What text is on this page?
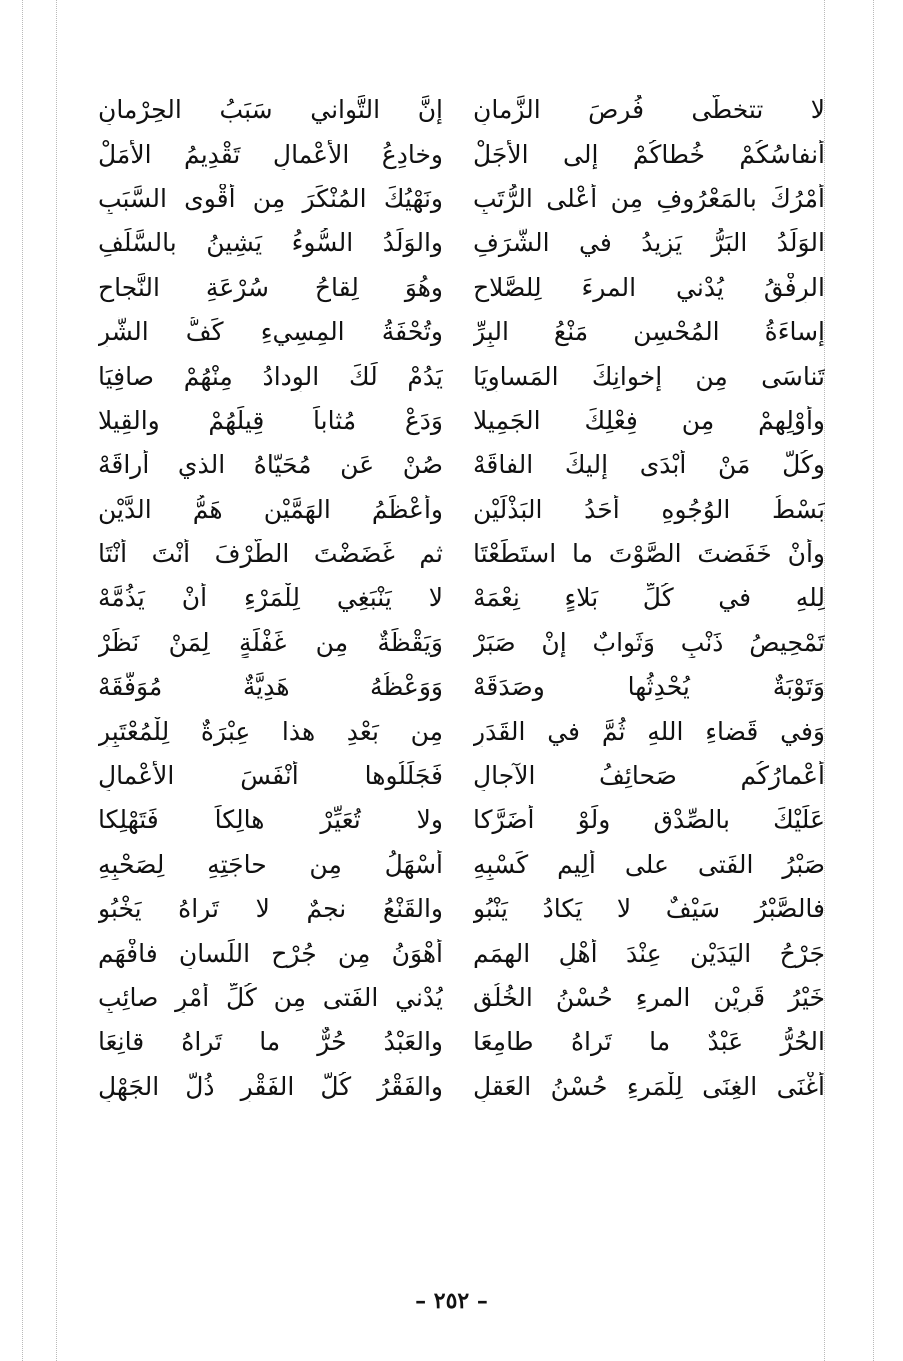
لا تتخطَّى فُرصَ الزَّمانِ
إنَّ التَّواني سَبَبُ الحِرْمانِ
أنفاسُكُمْ خُطاكُمْ إلى الأجَلْ
وخادِعُ الأعْمالِ تَقْدِيمُ الأمَلْ
أمْرُكَ بالمَعْرُوفِ مِن أعْلى الرُّتَبِ
ونَهْيُكَ المُنْكَرَ مِن أقْوى السَّبَبِ
الوَلَدُ البَرُّ يَزِيدُ في الشَّرَفِ
والوَلَدُ السُّوءُ يَشِينُ بالسَّلَفِ
الرِفْقُ يُدْني المرءَ لِلصَّلاحِ
وهُوَ لِقاحُ سُرْعَةِ النَّجاحِ
إساءَةُ المُحْسِنِ مَنْعُ البِرِّ
وتُحْفَةُ المِسِيءِ كَفُّ الشَّرِ
تَناسَى مِن إخوانِكَ المَساوِيَا
يَدُمْ لَكَ الوِدادُ مِنْهُمْ صافِيَا
وأوْلِهِمْ مِن فِعْلِكَ الجَمِيلا
وَدَعْ مُثاباً قِيلَهُمْ والقِيلا
وكُلُّ مَنْ أبْدَى إليكَ الفاقَهْ
صُنْ عَن مُحَيّاهُ الذي أراقَهْ
بَسْطُ الوُجُوهِ أحَدُ البَذْلَيْنِ
وأعْظَمُ الهَمَّيْنِ هَمُّ الدَّيْنِ
وأنْ خَفَضتَ الصَّوْتَ ما استَطَعْتَا
ثم غَضَضْتَ الطَّرْفَ أنْتَ أنْتَا
لِلهِ في كُلِّ بَلاءٍ نِعْمَهْ
لا يَنْبَغِي لِلْمَرْءِ أنْ يَذُمَّهْ
تَمْحِيصُ ذَنْبٍ وَثَوابٌ إنْ صَبَرْ
وَيَقْظَةٌ مِن غَفْلَةٍ لِمَنْ نَظَرْ
وَتَوْبَةٌ يُحْدِثُها وصَدَقَهْ
وَوَعْظُهُ هَدِيَّةٌ مُوَفَّقَهْ
وَفي قَضاءِ اللهِ ثُمَّ في القَدَرِ
مِن بَعْدِ هذا عِبْرَةٌ لِلْمُعْتَبِرِ
أعْمارُكُم صَحائِفُ الآجالِ
فَجَلِّلُوها أنْفَسَ الأعْمالِ
عَلَيْكَ بالصِّدْقِ ولَوْ أضَرَّكا
ولا تُعَيِّرْ هالِكاً فَتَهْلِكا
صَبْرُ الفَتى على ألِيمِ كَسْبِهِ
أسْهَلُ مِن حاجَتِهِ لِصَحْبِهِ
فالصَّبْرُ سَيْفٌ لا يَكادُ يَنْبُو
والقَنْعُ نجمٌ لا تَراهُ يَخْبُو
جَرْحُ اليَدَيْنِ عِنْدَ أهْلِ الهِمَمِ
أهْوَنُ مِن جُرْحِ اللِّسانِ فافْهَمِ
خَيْرُ قَرِيْنِ المرءِ حُسْنُ الخُلُقِ
يُدْني الفَتى مِن كُلِّ أمْرٍ صائِبِ
الحُرُّ عَبْدٌ ما تَراهُ طامِعَا
والعَبْدُ حُرٌّ ما تَراهُ قانِعَا
أغْنَى الغِنَى لِلْمَرءِ حُسْنُ العَقلِ
والفَقْرُ كُلُّ الفَقْرِ ذُلُّ الجَهْلِ
– ٢٥٢ –
